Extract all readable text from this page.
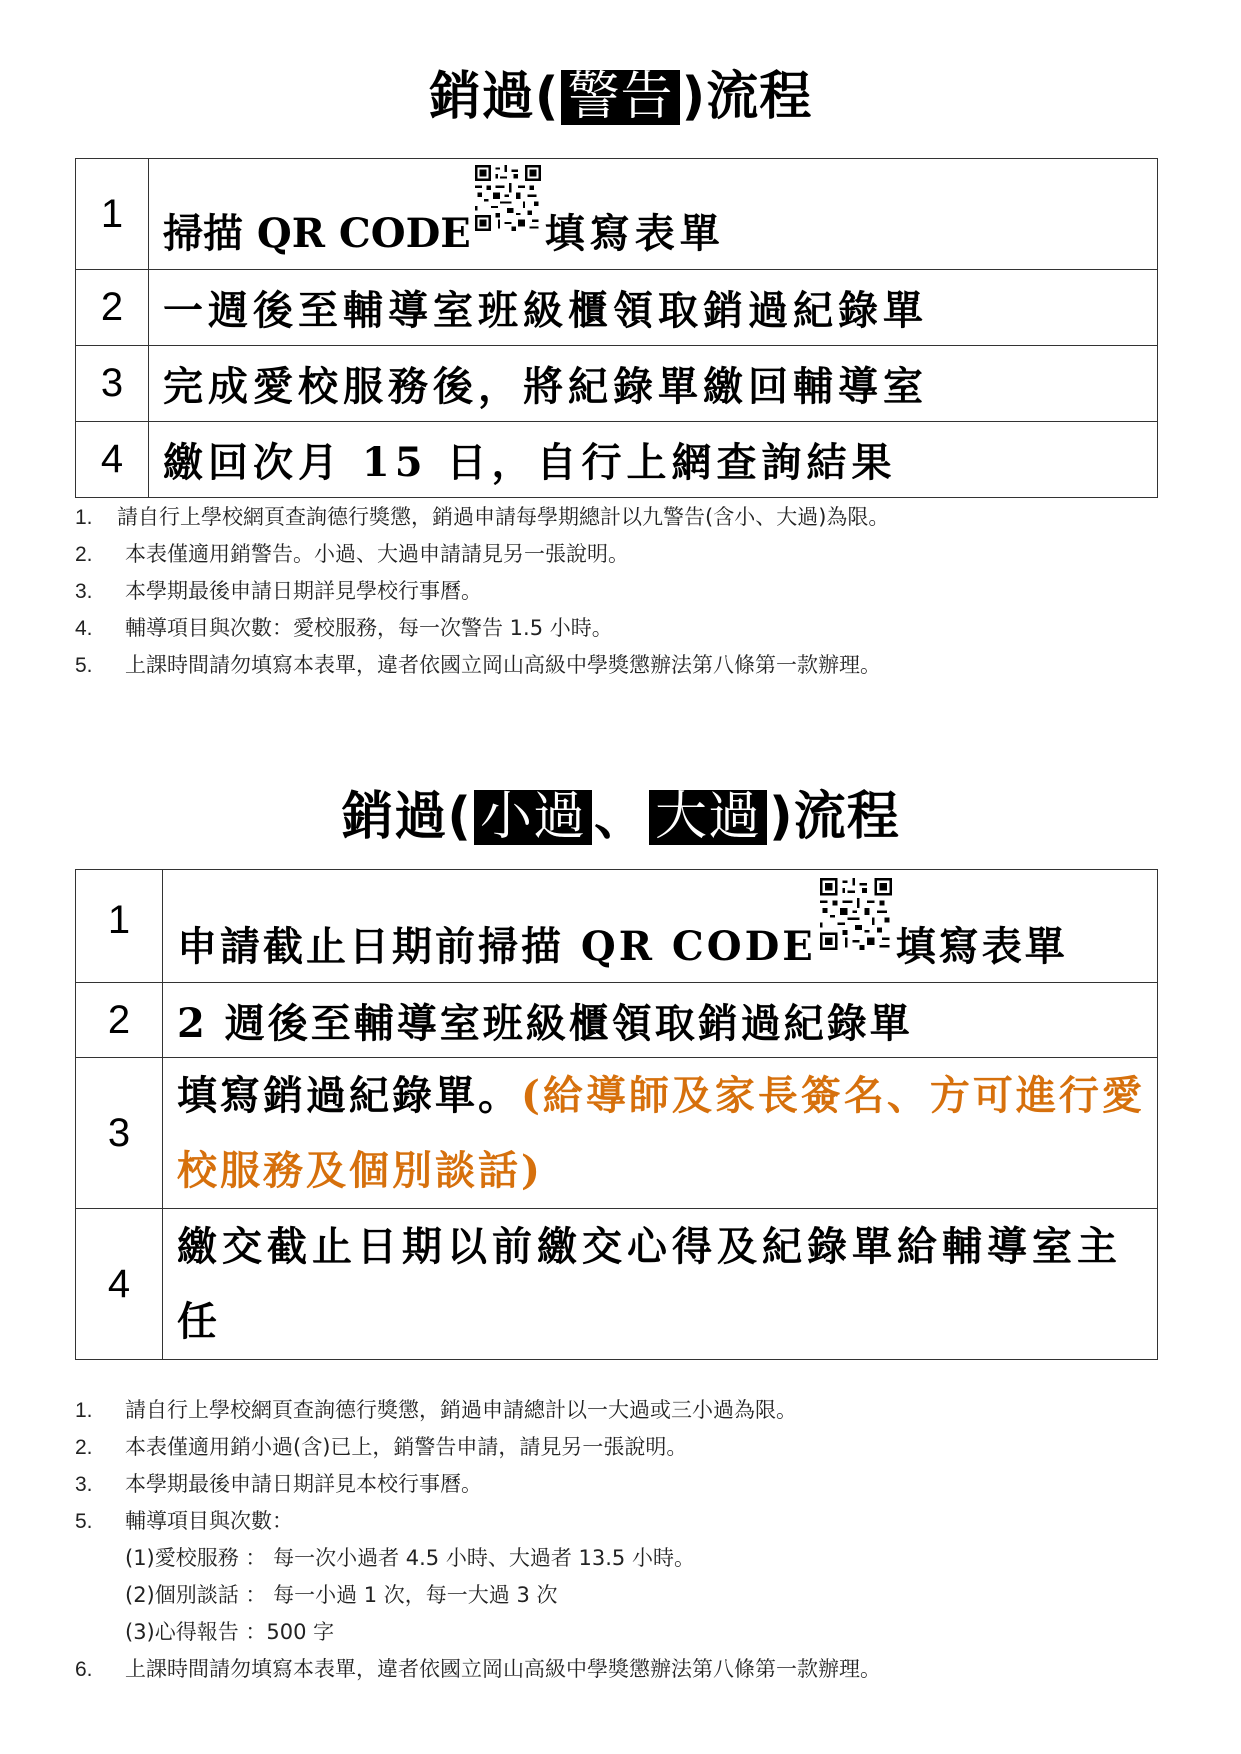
銷過( 警告 )流程
1	掃描 QR CODE 填寫表單
2	一週後至輔導室班級櫃領取銷過紀錄單
3	完成愛校服務後，將紀錄單繳回輔導室
4	繳回次月 15 日，自行上網查詢結果
1. 請自行上學校網頁查詢德行獎懲，銷過申請每學期總計以九警告(含小、大過)為限。
2. 本表僅適用銷警告。小過、大過申請請見另一張說明。
3. 本學期最後申請日期詳見學校行事曆。
4. 輔導項目與次數：愛校服務，每一次警告 1.5 小時。
5. 上課時間請勿填寫本表單，違者依國立岡山高級中學獎懲辦法第八條第一款辦理。
銷過( 小過 、 大過 )流程
1	申請截止日期前掃描 QR CODE 填寫表單
2	2 週後至輔導室班級櫃領取銷過紀錄單
3	填寫銷過紀錄單。(給導師及家長簽名、方可進行愛校服務及個別談話)
4	繳交截止日期以前繳交心得及紀錄單給輔導室主任
1. 請自行上學校網頁查詢德行獎懲，銷過申請總計以一大過或三小過為限。
2. 本表僅適用銷小過(含)已上，銷警告申請，請見另一張說明。
3. 本學期最後申請日期詳見本校行事曆。
5. 輔導項目與次數：
(1)愛校服務 ： 每一次小過者 4.5 小時、大過者 13.5 小時。
(2)個別談話 ： 每一小過 1 次，每一大過 3 次
(3)心得報告 ：500 字
6. 上課時間請勿填寫本表單，違者依國立岡山高級中學獎懲辦法第八條第一款辦理。
